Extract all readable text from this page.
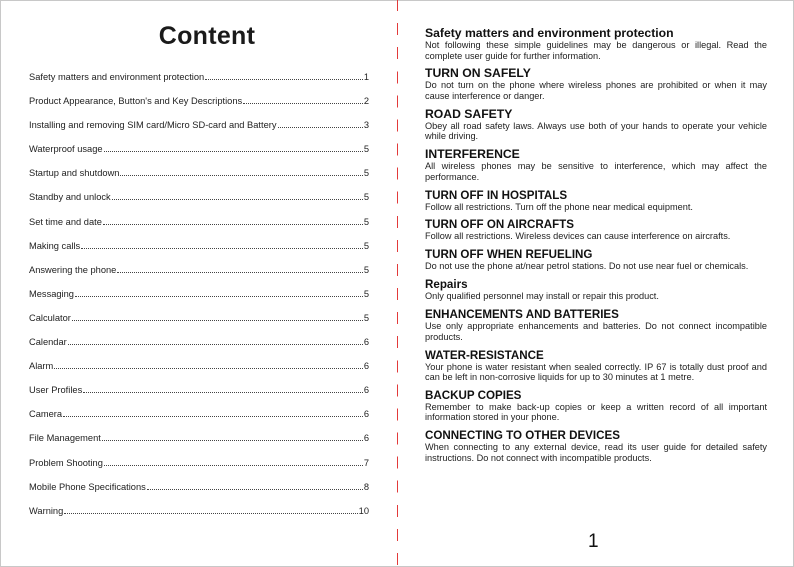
Content
Safety matters and environment protection	1
Product Appearance, Button's and Key Descriptions	2
Installing and removing SIM card/Micro SD-card and Battery	3
Waterproof usage	5
Startup and shutdown	5
Standby and unlock	5
Set time and date	5
Making calls	5
Answering the phone	5
Messaging	5
Calculator	5
Calendar	6
Alarm	6
User Profiles	6
Camera	6
File Management	6
Problem Shooting	7
Mobile Phone Specifications	8
Warning	10
Safety matters and environment protection

Not following these simple guidelines may be dangerous or illegal. Read the complete user guide for further information.

TURN ON SAFELY

Do not turn on the phone where wireless phones are prohibited or when it may cause interference or danger.

ROAD SAFETY

Obey all road safety laws. Always use both of your hands to operate your vehicle while driving.

INTERFERENCE

All wireless phones may be sensitive to interference, which may affect the performance.

TURN OFF IN HOSPITALS

Follow all restrictions. Turn off the phone near medical equipment.

TURN OFF ON AIRCRAFTS

Follow all restrictions. Wireless devices can cause interference on aircrafts.

TURN OFF WHEN REFUELING

Do not use the phone at/near petrol stations. Do not use near fuel or chemicals.

Repairs

Only qualified personnel may install or repair this product.

ENHANCEMENTS AND BATTERIES

Use only appropriate enhancements and batteries. Do not connect incompatible products.

WATER-RESISTANCE

Your phone is water resistant when sealed correctly. IP 67 is totally dust proof and can be left in non-corrosive liquids for up to 30 minutes at 1 metre.

BACKUP COPIES

Remember to make back-up copies or keep a written record of all important information stored in your phone.

CONNECTING TO OTHER DEVICES

When connecting to any external device, read its user guide for detailed safety instructions. Do not connect with incompatible products.

1
